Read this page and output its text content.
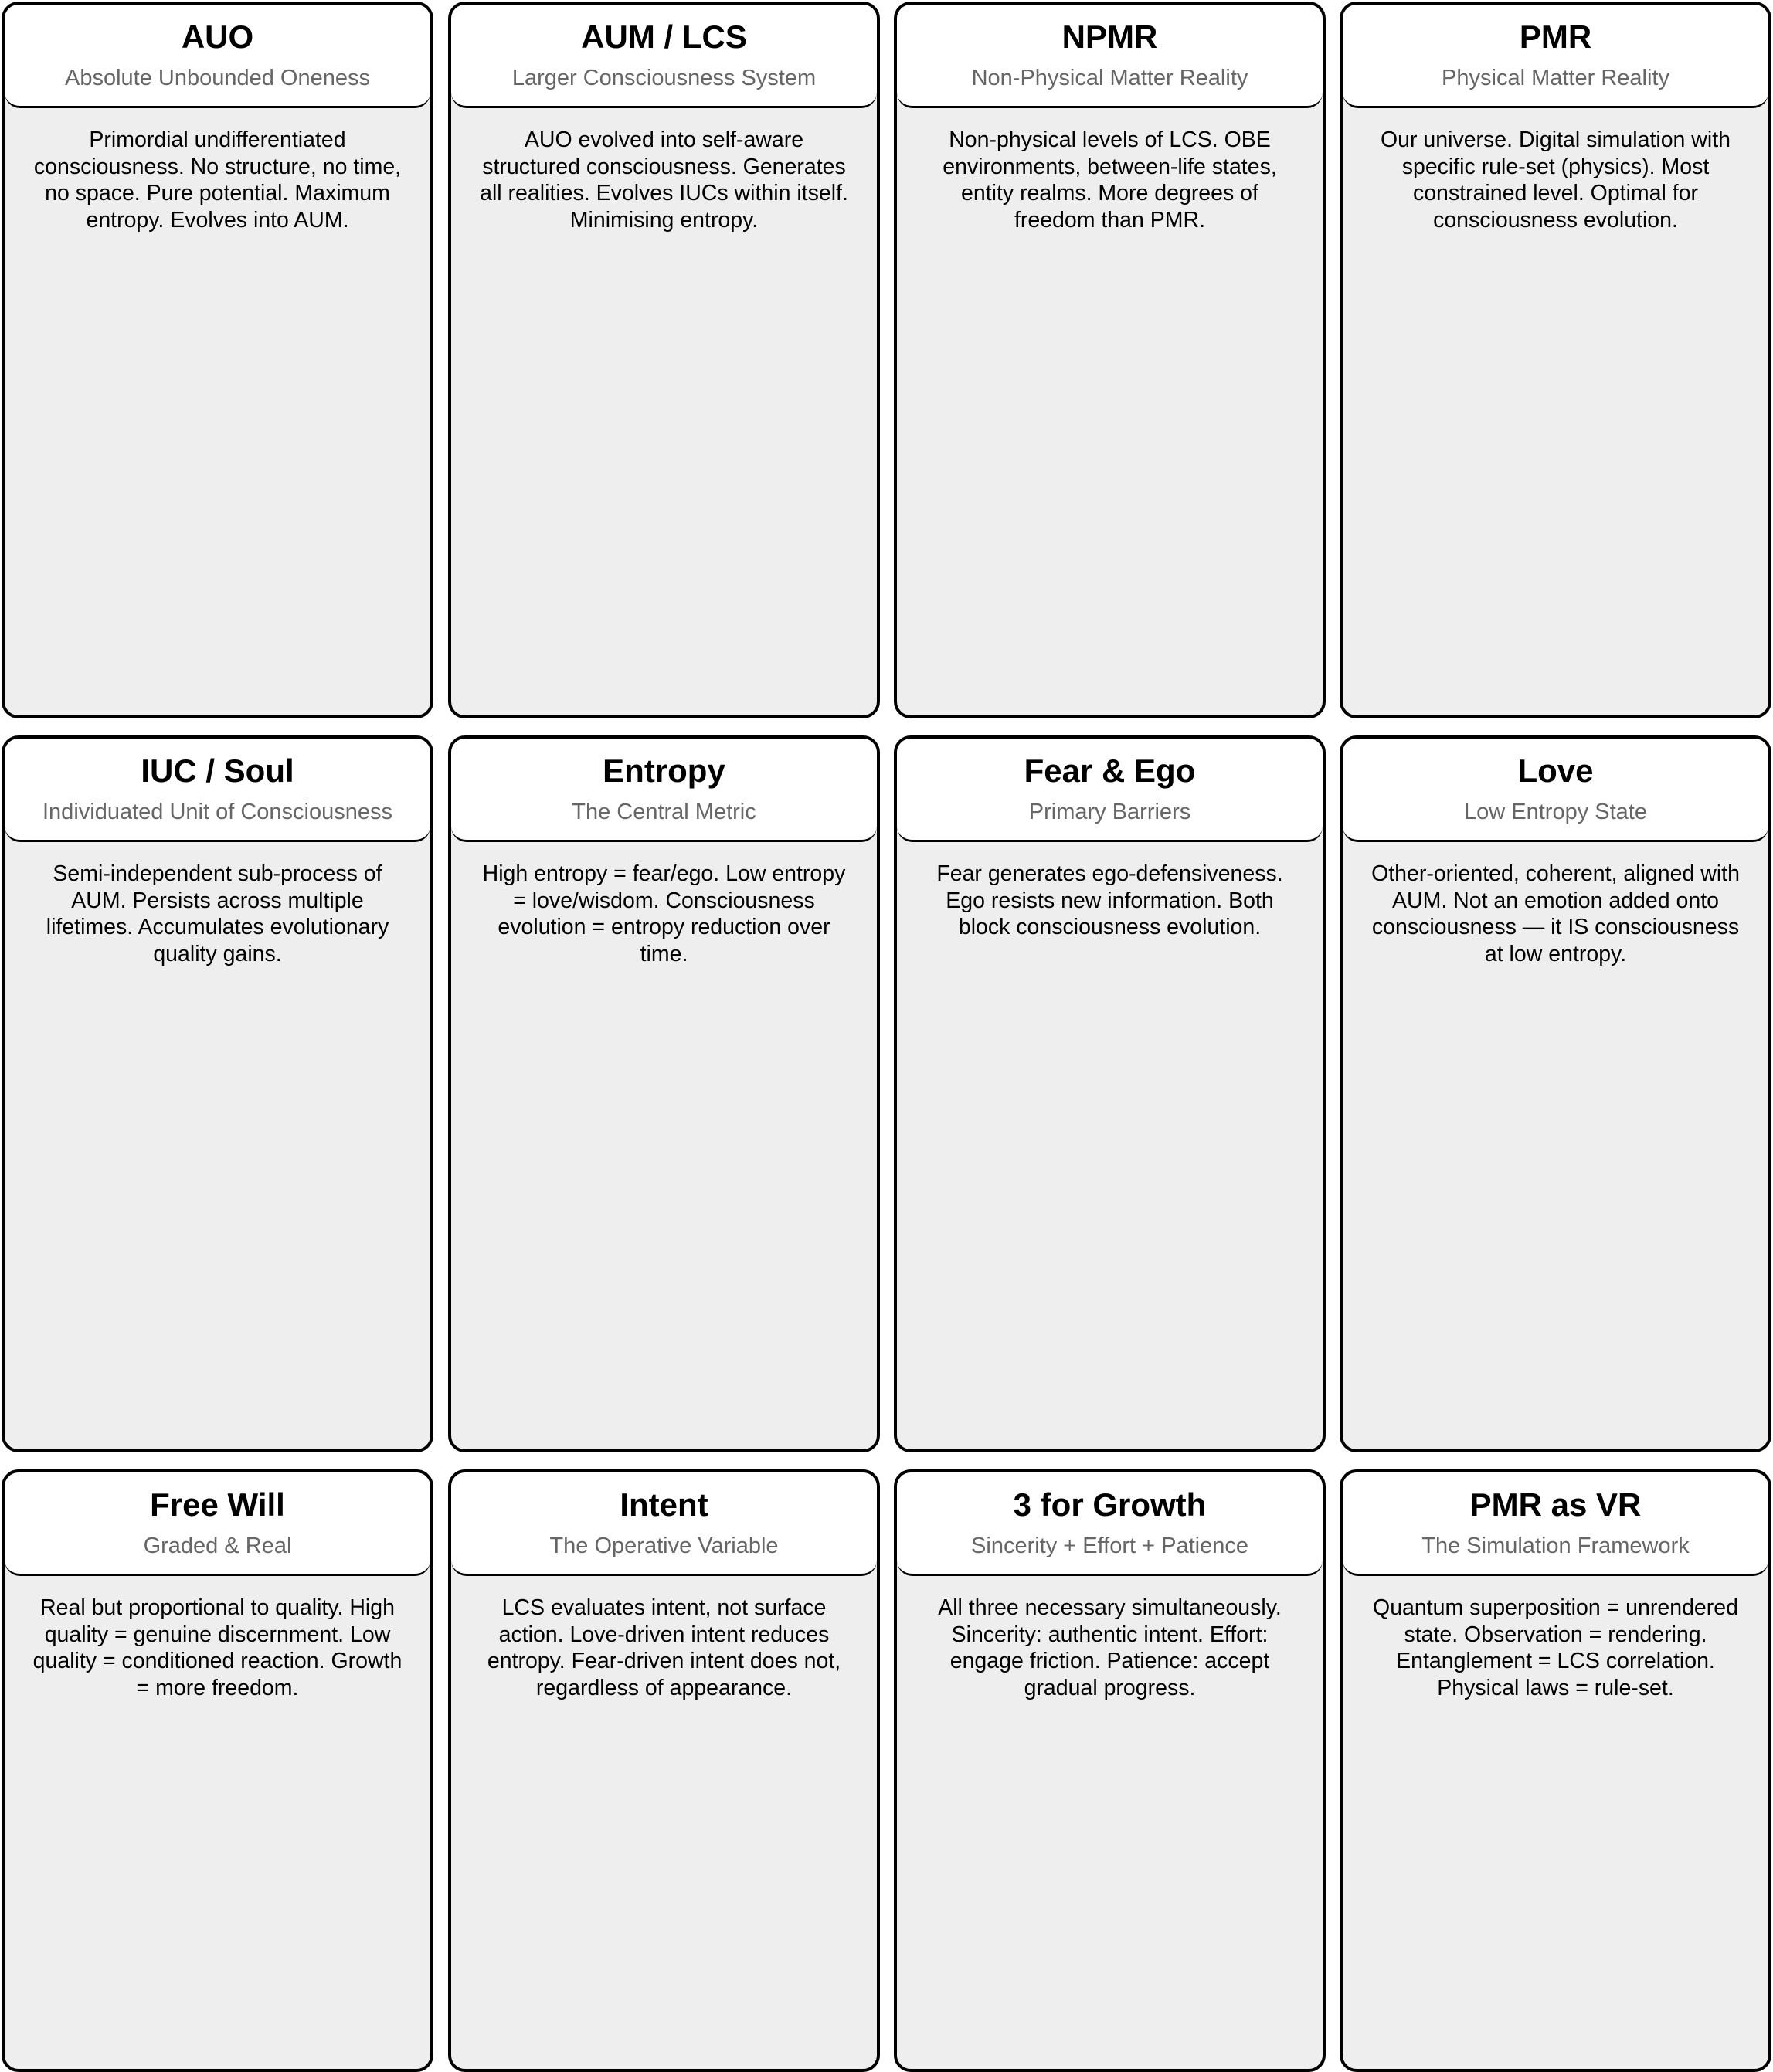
AUO
Absolute Unbounded Oneness
Primordial undifferentiated consciousness. No structure, no time, no space. Pure potential. Maximum entropy. Evolves into AUM.
AUM / LCS
Larger Consciousness System
AUO evolved into self-aware structured consciousness. Generates all realities. Evolves IUCs within itself. Minimising entropy.
NPMR
Non-Physical Matter Reality
Non-physical levels of LCS. OBE environments, between-life states, entity realms. More degrees of freedom than PMR.
PMR
Physical Matter Reality
Our universe. Digital simulation with specific rule-set (physics). Most constrained level. Optimal for consciousness evolution.
IUC / Soul
Individuated Unit of Consciousness
Semi-independent sub-process of AUM. Persists across multiple lifetimes. Accumulates evolutionary quality gains.
Entropy
The Central Metric
High entropy = fear/ego. Low entropy = love/wisdom. Consciousness evolution = entropy reduction over time.
Fear & Ego
Primary Barriers
Fear generates ego-defensiveness. Ego resists new information. Both block consciousness evolution.
Love
Low Entropy State
Other-oriented, coherent, aligned with AUM. Not an emotion added onto consciousness — it IS consciousness at low entropy.
Free Will
Graded & Real
Real but proportional to quality. High quality = genuine discernment. Low quality = conditioned reaction. Growth = more freedom.
Intent
The Operative Variable
LCS evaluates intent, not surface action. Love-driven intent reduces entropy. Fear-driven intent does not, regardless of appearance.
3 for Growth
Sincerity + Effort + Patience
All three necessary simultaneously. Sincerity: authentic intent. Effort: engage friction. Patience: accept gradual progress.
PMR as VR
The Simulation Framework
Quantum superposition = unrendered state. Observation = rendering. Entanglement = LCS correlation. Physical laws = rule-set.
